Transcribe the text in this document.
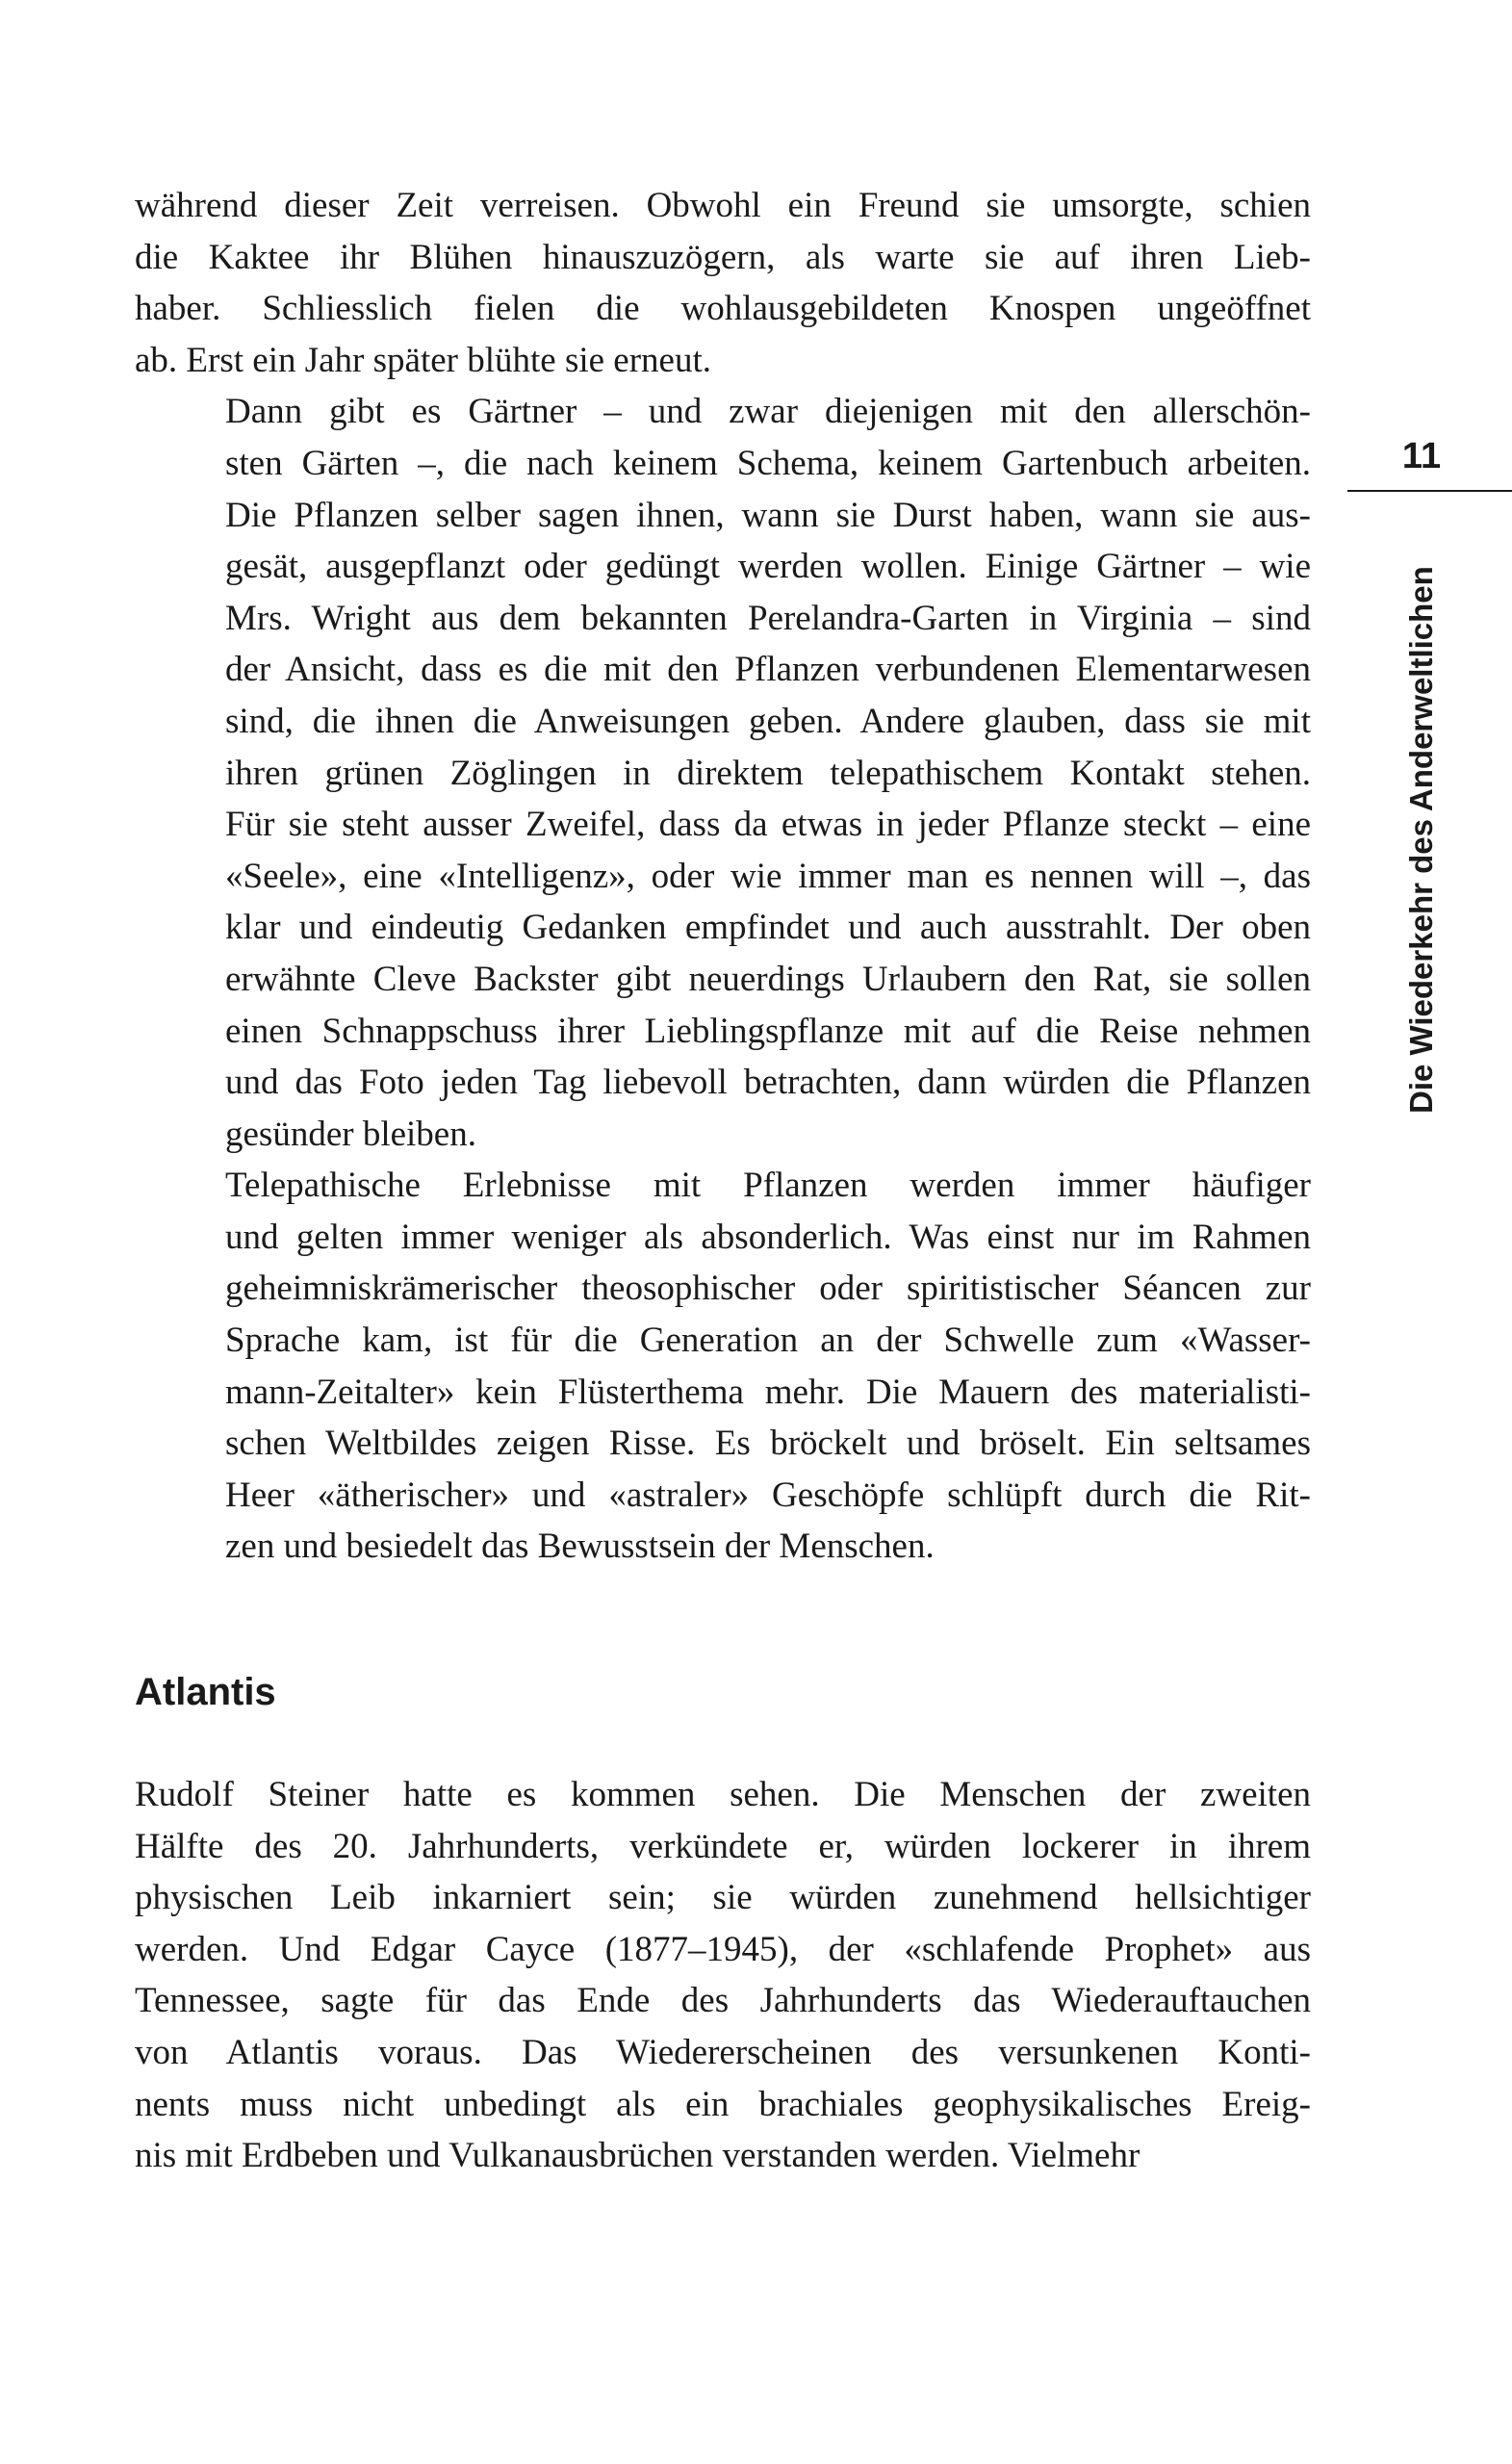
11
Die Wiederkehr des Anderweltlichen

während dieser Zeit verreisen. Obwohl ein Freund sie umsorgte, schien
die Kaktee ihr Blühen hinauszuzögern, als warte sie auf ihren Lieb-
haber. Schliesslich fielen die wohlausgebildeten Knospen ungeöffnet
ab. Erst ein Jahr später blühte sie erneut.

Dann gibt es Gärtner – und zwar diejenigen mit den allerschön-
sten Gärten –, die nach keinem Schema, keinem Gartenbuch arbeiten.
Die Pflanzen selber sagen ihnen, wann sie Durst haben, wann sie aus-
gesät, ausgepflanzt oder gedüngt werden wollen. Einige Gärtner – wie
Mrs. Wright aus dem bekannten Perelandra-Garten in Virginia – sind
der Ansicht, dass es die mit den Pflanzen verbundenen Elementarwesen
sind, die ihnen die Anweisungen geben. Andere glauben, dass sie mit
ihren grünen Zöglingen in direktem telepathischem Kontakt stehen.
Für sie steht ausser Zweifel, dass da etwas in jeder Pflanze steckt – eine
«Seele», eine «Intelligenz», oder wie immer man es nennen will –, das
klar und eindeutig Gedanken empfindet und auch ausstrahlt. Der oben
erwähnte Cleve Backster gibt neuerdings Urlaubern den Rat, sie sollen
einen Schnappschuss ihrer Lieblingspflanze mit auf die Reise nehmen
und das Foto jeden Tag liebevoll betrachten, dann würden die Pflanzen
gesünder bleiben.

Telepathische Erlebnisse mit Pflanzen werden immer häufiger
und gelten immer weniger als absonderlich. Was einst nur im Rahmen
geheimniskrämerischer theosophischer oder spiritistischer Séancen zur
Sprache kam, ist für die Generation an der Schwelle zum «Wasser-
mann-Zeitalter» kein Flüsterthema mehr. Die Mauern des materialisti-
schen Weltbildes zeigen Risse. Es bröckelt und bröselt. Ein seltsames
Heer «ätherischer» und «astraler» Geschöpfe schlüpft durch die Rit-
zen und besiedelt das Bewusstsein der Menschen.

Atlantis

Rudolf Steiner hatte es kommen sehen. Die Menschen der zweiten
Hälfte des 20. Jahrhunderts, verkündete er, würden lockerer in ihrem
physischen Leib inkarniert sein; sie würden zunehmend hellsichtiger
werden. Und Edgar Cayce (1877–1945), der «schlafende Prophet» aus
Tennessee, sagte für das Ende des Jahrhunderts das Wiederauftauchen
von Atlantis voraus. Das Wiedererscheinen des versunkenen Konti-
nents muss nicht unbedingt als ein brachiales geophysikalisches Ereig-
nis mit Erdbeben und Vulkanausbrüchen verstanden werden. Vielmehr
